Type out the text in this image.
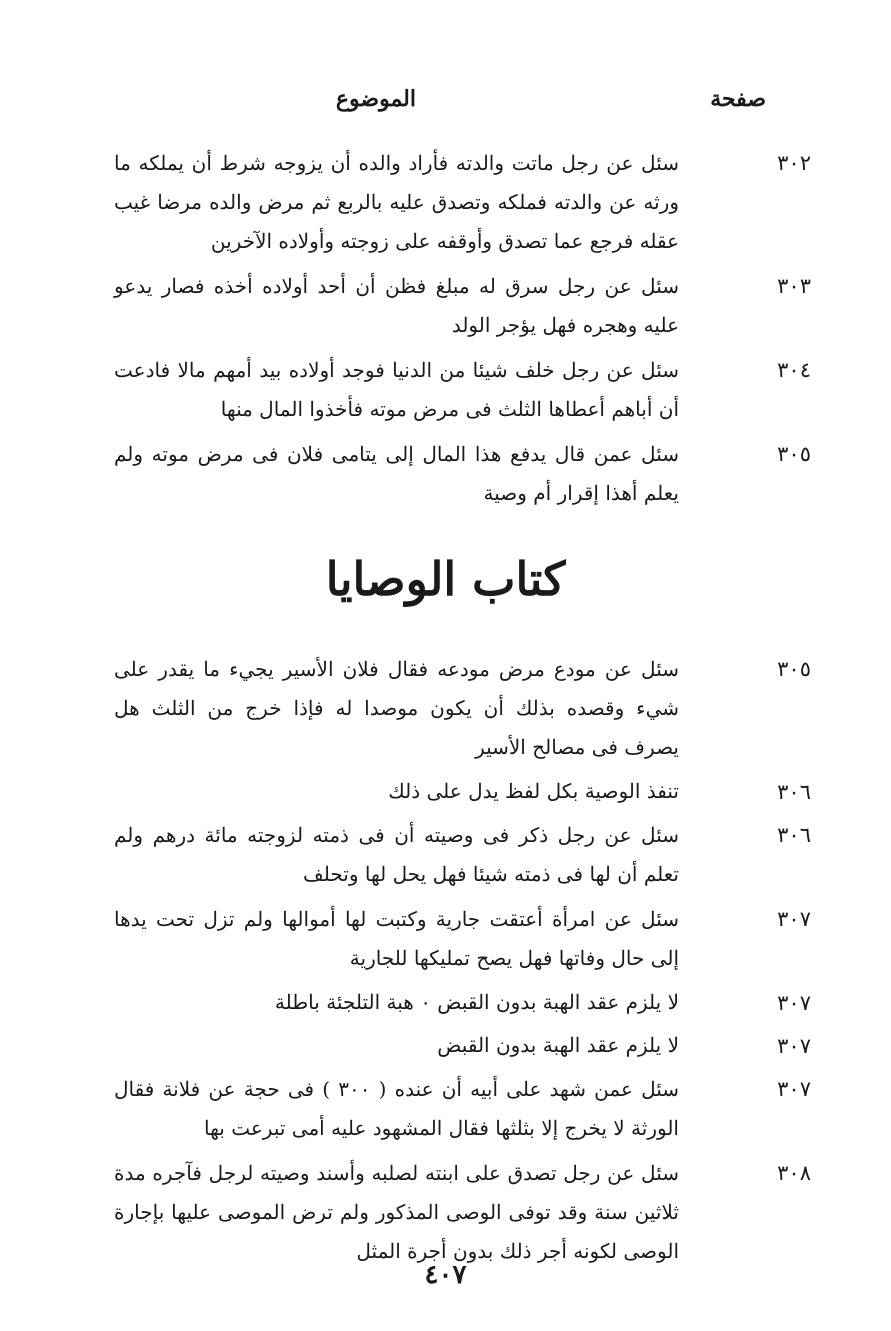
صفحة
الموضوع
٣٠٢
سئل عن رجل ماتت والدته فأراد والده أن يزوجه شرط أن يملكه ما ورثه عن والدته فملكه وتصدق عليه بالربع ثم مرض والده مرضا غيب عقله فرجع عما تصدق وأوقفه على زوجته وأولاده الآخرين
٣٠٣
سئل عن رجل سرق له مبلغ فظن أن أحد أولاده أخذه فصار يدعو عليه وهجره فهل يؤجر الولد
٣٠٤
سئل عن رجل خلف شيئا من الدنيا فوجد أولاده بيد أمهم مالا فادعت أن أباهم أعطاها الثلث فى مرض موته فأخذوا المال منها
٣٠٥
سئل عمن قال يدفع هذا المال إلى يتامى فلان فى مرض موته ولم يعلم أهذا إقرار أم وصية
كتاب الوصايا
٣٠٥
سئل عن مودع مرض مودعه فقال فلان الأسير يجيء ما يقدر على شيء وقصده بذلك أن يكون موصدا له فإذا خرج من الثلث هل يصرف فى مصالح الأسير
٣٠٦
تنفذ الوصية بكل لفظ يدل على ذلك
٣٠٦
سئل عن رجل ذكر فى وصيته أن فى ذمته لزوجته مائة درهم ولم تعلم أن لها فى ذمته شيئا فهل يحل لها وتحلف
٣٠٧
سئل عن امرأة أعتقت جارية وكتبت لها أموالها ولم تزل تحت يدها إلى حال وفاتها فهل يصح تمليكها للجارية
٣٠٧
لا يلزم عقد الهبة بدون القبض ٠ هبة التلجئة باطلة
٣٠٧
لا يلزم عقد الهبة بدون القبض
٣٠٧
سئل عمن شهد على أبيه أن عنده ( ٣٠٠ ) فى حجة عن فلانة فقال الورثة لا يخرج إلا بثلثها فقال المشهود عليه أمى تبرعت بها
٣٠٨
سئل عن رجل تصدق على ابنته لصلبه وأسند وصيته لرجل فآجره مدة ثلاثين سنة وقد توفى الوصى المذكور ولم ترض الموصى عليها بإجارة الوصى لكونه أجر ذلك بدون أجرة المثل
٤٠٧
